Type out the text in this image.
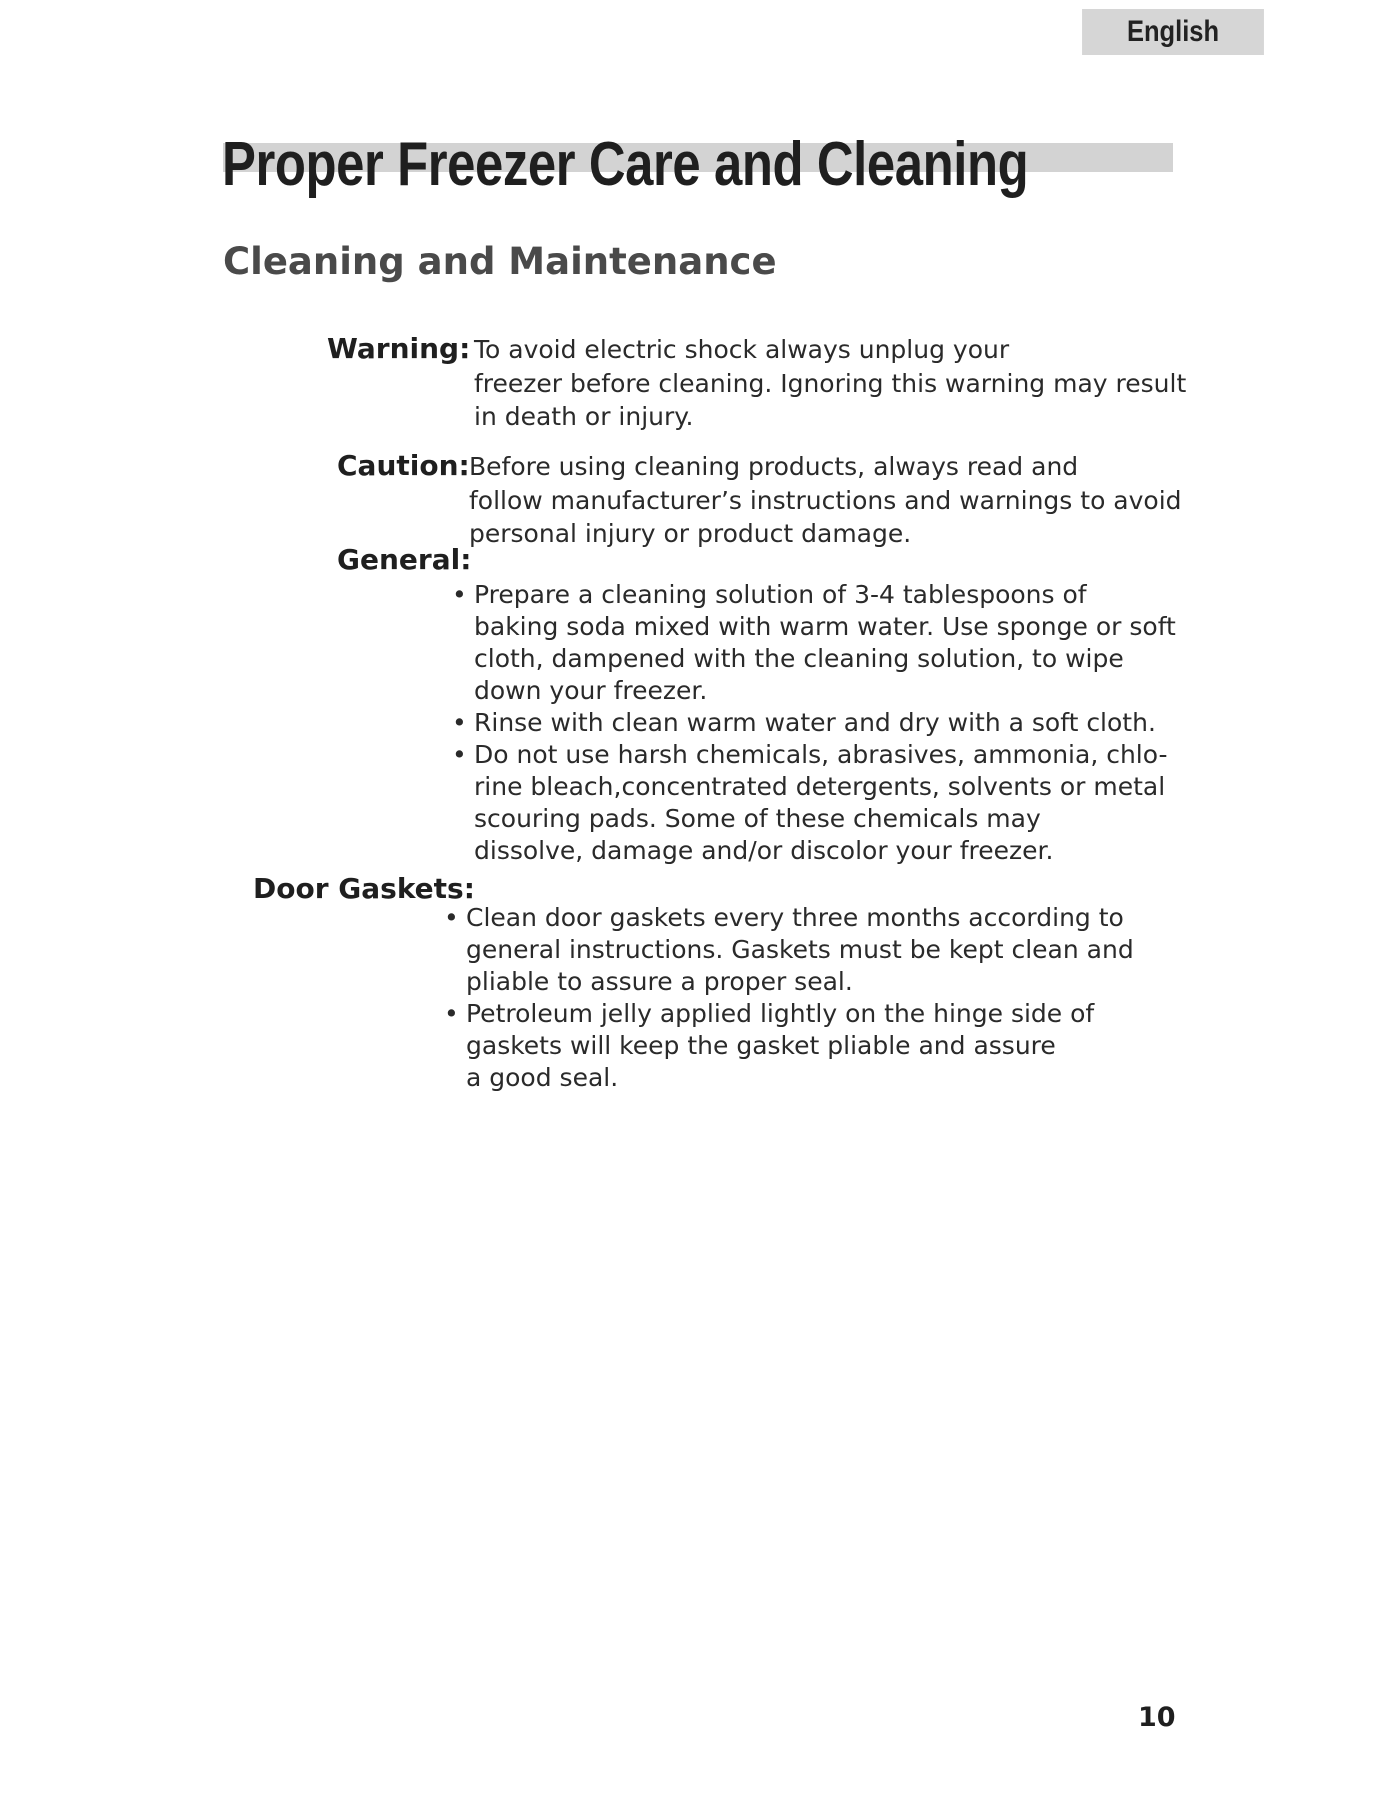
English
Proper Freezer Care and Cleaning
Cleaning and Maintenance
Warning: To avoid electric shock always unplug your
freezer before cleaning. Ignoring this warning may result
in death or injury.
Caution: Before using cleaning products, always read and
follow manufacturer’s instructions and warnings to avoid
personal injury or product damage.
General:
• Prepare a cleaning solution of 3-4 tablespoons of
baking soda mixed with warm water. Use sponge or soft
cloth, dampened with the cleaning solution, to wipe
down your freezer.
• Rinse with clean warm water and dry with a soft cloth.
• Do not use harsh chemicals, abrasives, ammonia, chlo-
rine bleach,concentrated detergents, solvents or metal
scouring pads. Some of these chemicals may
dissolve, damage and/or discolor your freezer.
Door Gaskets:
• Clean door gaskets every three months according to
general instructions. Gaskets must be kept clean and
pliable to assure a proper seal.
• Petroleum jelly applied lightly on the hinge side of
gaskets will keep the gasket pliable and assure
a good seal.
10
